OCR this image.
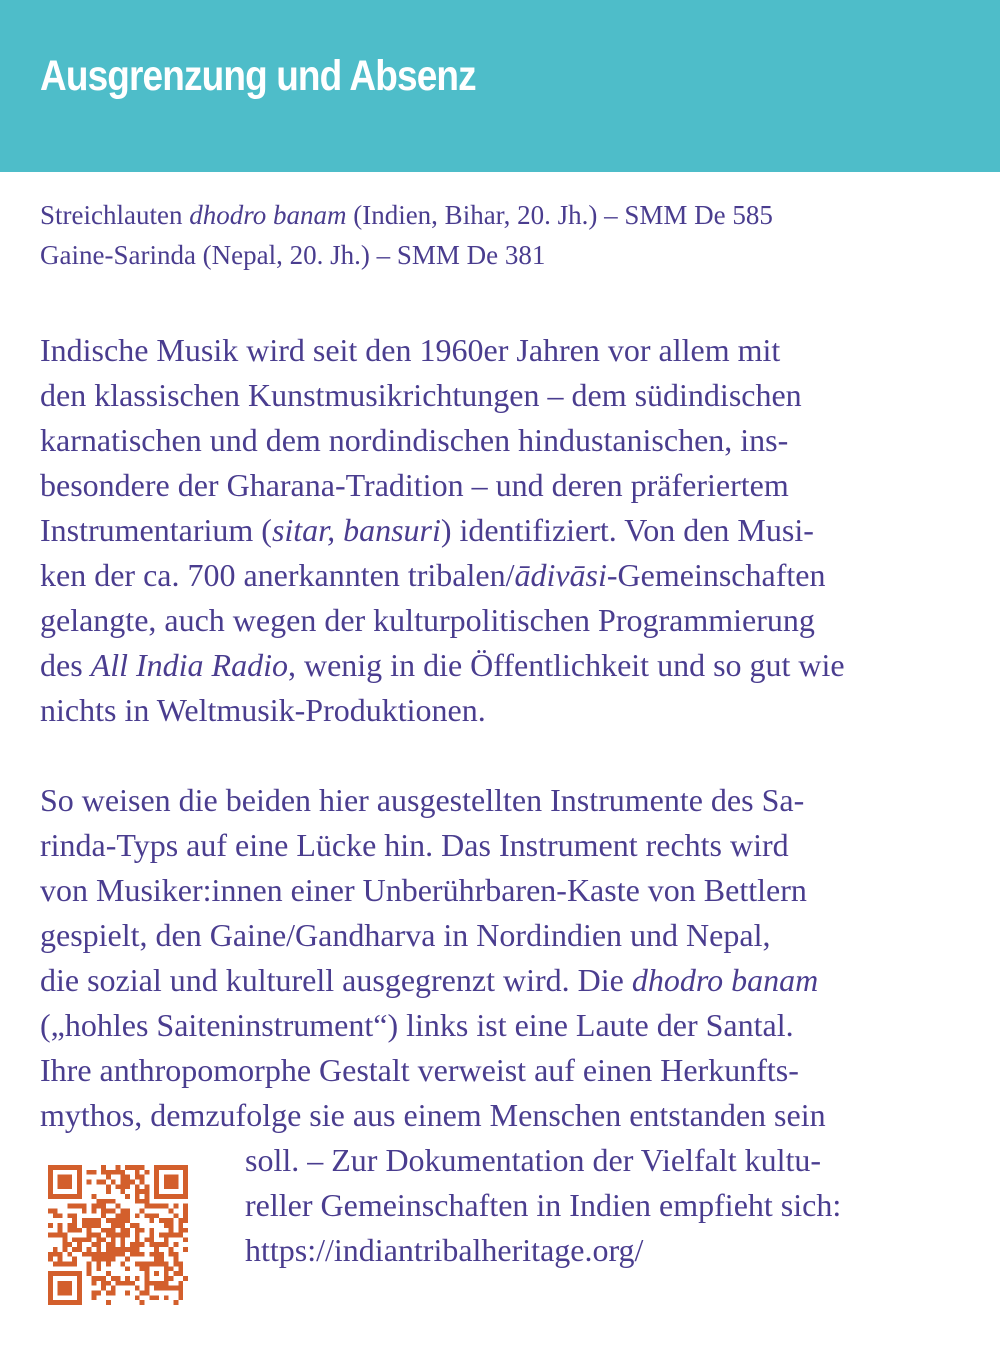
Ausgrenzung und Absenz
Streichlauten dhodro banam (Indien, Bihar, 20. Jh.) – SMM De 585
Gaine-Sarinda (Nepal, 20. Jh.) – SMM De 381
Indische Musik wird seit den 1960er Jahren vor allem mit
den klassischen Kunstmusikrichtungen – dem südindischen
karnatischen und dem nordindischen hindustanischen, ins-
besondere der Gharana-Tradition – und deren präferiertem
Instrumentarium (sitar, bansuri) identifiziert. Von den Musi-
ken der ca. 700 anerkannten tribalen/ādivāsi-Gemeinschaften
gelangte, auch wegen der kulturpolitischen Programmierung
des All India Radio, wenig in die Öffentlichkeit und so gut wie
nichts in Weltmusik-Produktionen.
So weisen die beiden hier ausgestellten Instrumente des Sa-
rinda-Typs auf eine Lücke hin. Das Instrument rechts wird
von Musiker:innen einer Unberührbaren-Kaste von Bettlern
gespielt, den Gaine/Gandharva in Nordindien und Nepal,
die sozial und kulturell ausgegrenzt wird. Die dhodro banam
(„hohles Saiteninstrument“) links ist eine Laute der Santal.
Ihre anthropomorphe Gestalt verweist auf einen Herkunfts-
mythos, demzufolge sie aus einem Menschen entstanden sein
soll. – Zur Dokumentation der Vielfalt kultu-
reller Gemeinschaften in Indien empfieht sich:
https://indiantribalheritage.org/
